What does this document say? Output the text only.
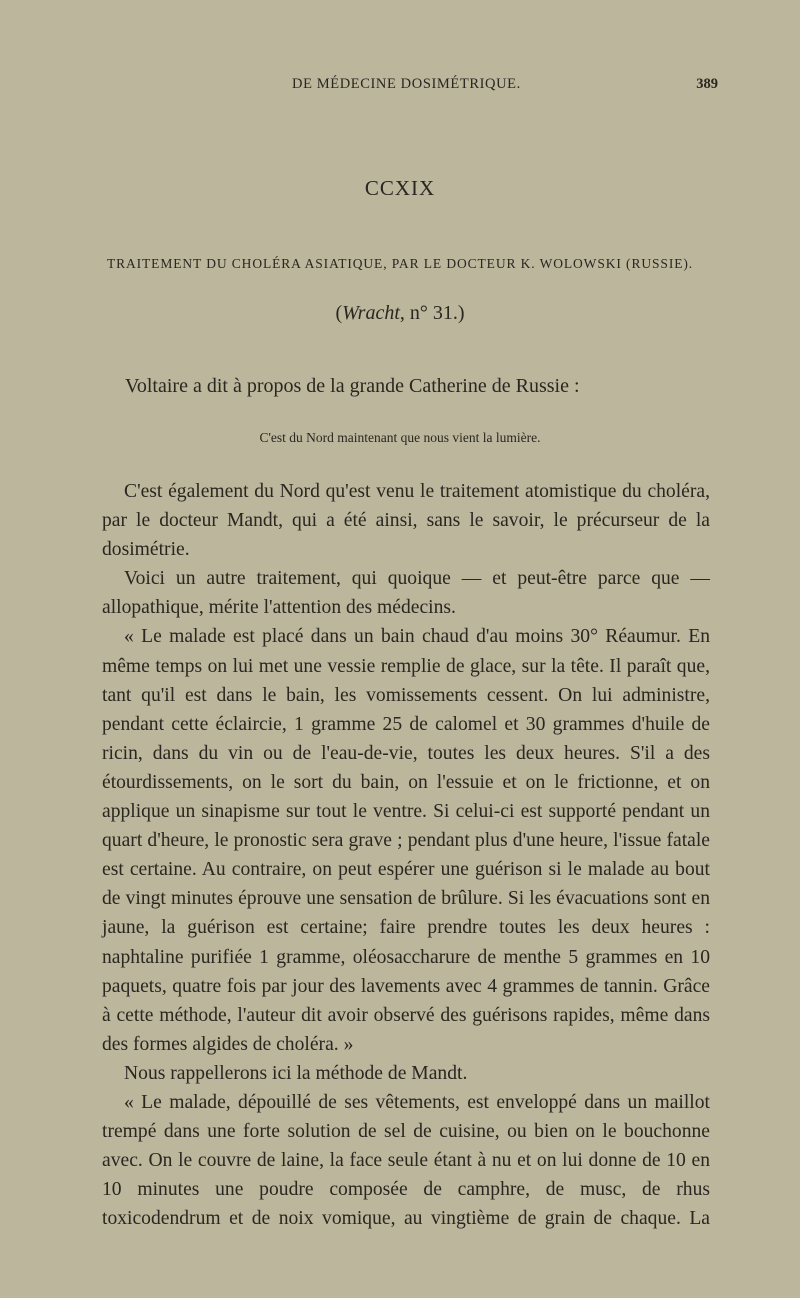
DE MÉDECINE DOSIMÉTRIQUE.	389
CCXIX
TRAITEMENT DU CHOLÉRA ASIATIQUE, PAR LE DOCTEUR K. WOLOWSKI (RUSSIE).
(Wracht, n° 31.)
Voltaire a dit à propos de la grande Catherine de Russie :
C'est du Nord maintenant que nous vient la lumière.

C'est également du Nord qu'est venu le traitement atomistique du choléra, par le docteur Mandt, qui a été ainsi, sans le savoir, le précurseur de la dosimétrie.

Voici un autre traitement, qui quoique — et peut-être parce que — allopathique, mérite l'attention des médecins.

« Le malade est placé dans un bain chaud d'au moins 30° Réaumur. En même temps on lui met une vessie remplie de glace, sur la tête. Il paraît que, tant qu'il est dans le bain, les vomissements cessent. On lui administre, pendant cette éclaircie, 1 gramme 25 de calomel et 30 grammes d'huile de ricin, dans du vin ou de l'eau-de-vie, toutes les deux heures. S'il a des étourdissements, on le sort du bain, on l'essuie et on le frictionne, et on applique un sinapisme sur tout le ventre. Si celui-ci est supporté pendant un quart d'heure, le pronostic sera grave ; pendant plus d'une heure, l'issue fatale est certaine. Au contraire, on peut espérer une guérison si le malade au bout de vingt minutes éprouve une sensation de brûlure. Si les évacuations sont en jaune, la guérison est certaine; faire prendre toutes les deux heures : naphtaline purifiée 1 gramme, oléosaccharure de menthe 5 grammes en 10 paquets, quatre fois par jour des lavements avec 4 grammes de tannin. Grâce à cette méthode, l'auteur dit avoir observé des guérisons rapides, même dans des formes algides de choléra. »

Nous rappellerons ici la méthode de Mandt.

« Le malade, dépouillé de ses vêtements, est enveloppé dans un maillot trempé dans une forte solution de sel de cuisine, ou bien on le bouchonne avec. On le couvre de laine, la face seule étant à nu et on lui donne de 10 en 10 minutes une poudre composée de camphre, de musc, de rhus toxicodendrum et de noix vomique, au vingtième de grain de chaque. La
